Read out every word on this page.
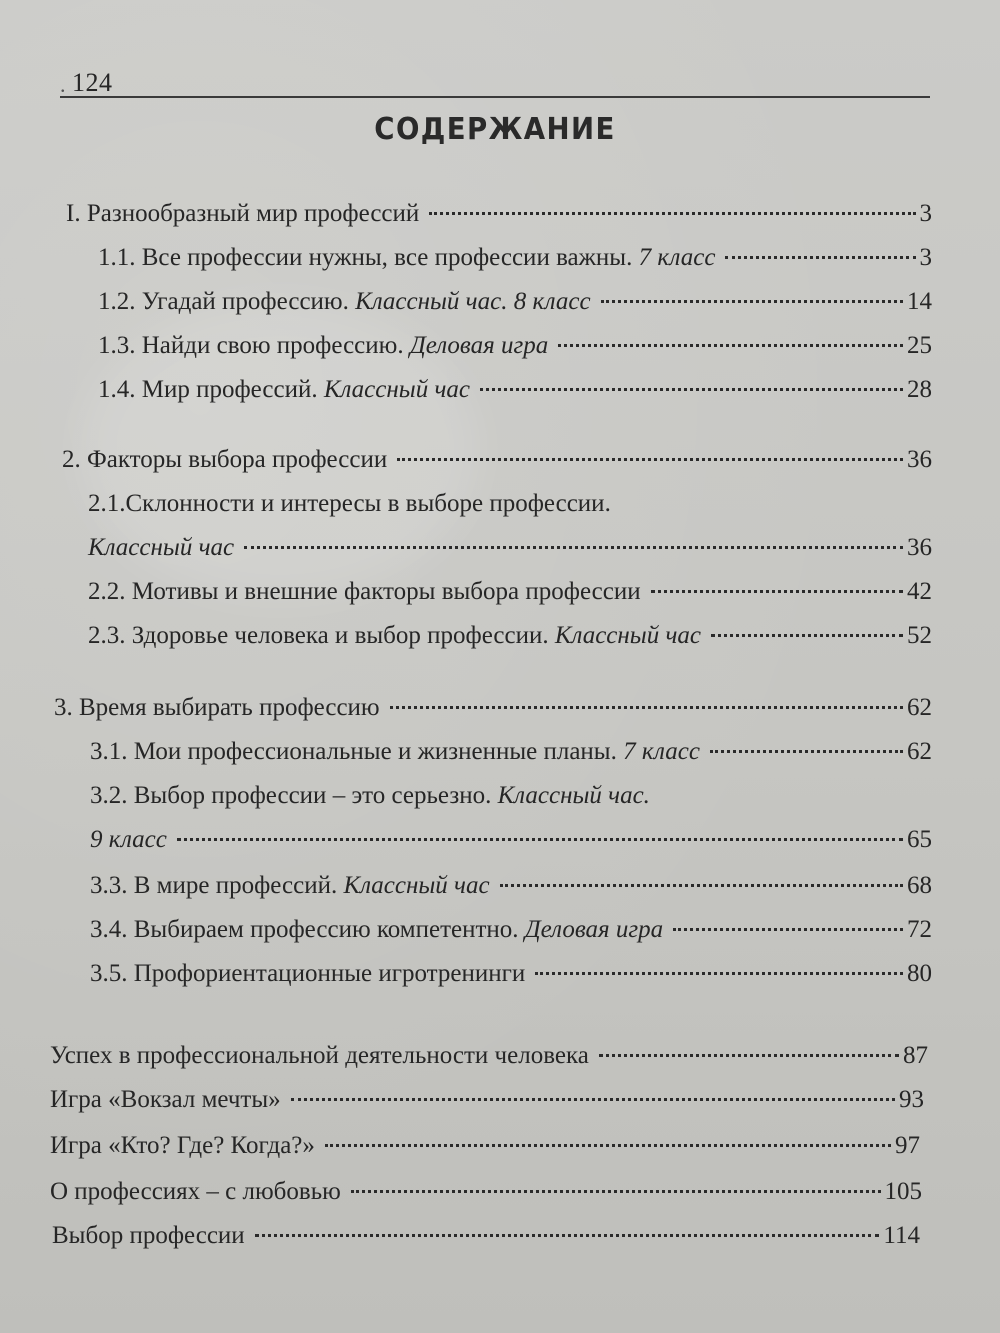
. 124
СОДЕРЖАНИЕ
I. Разнообразный мир профессий	3
1.1. Все профессии нужны, все профессии важны. 7 класс	3
1.2. Угадай профессию. Классный час. 8 класс	14
1.3. Найди свою профессию. Деловая игра	25
1.4. Мир профессий. Классный час	28
2. Факторы выбора профессии	36
2.1.Склонности и интересы в выборе профессии.
Классный час	36
2.2. Мотивы и внешние факторы выбора профессии	42
2.3. Здоровье человека и выбор профессии. Классный час	52
3. Время выбирать профессию	62
3.1. Мои профессиональные и жизненные планы. 7 класс	62
3.2. Выбор профессии – это серьезно. Классный час.
9 класс	65
3.3. В мире профессий. Классный час	68
3.4. Выбираем профессию компетентно. Деловая игра	72
3.5. Профориентационные игротренинги	80
Успех в профессиональной деятельности человека	87
Игра «Вокзал мечты»	93
Игра «Кто? Где? Когда?»	97
О профессиях – с любовью	105
Выбор профессии	114
